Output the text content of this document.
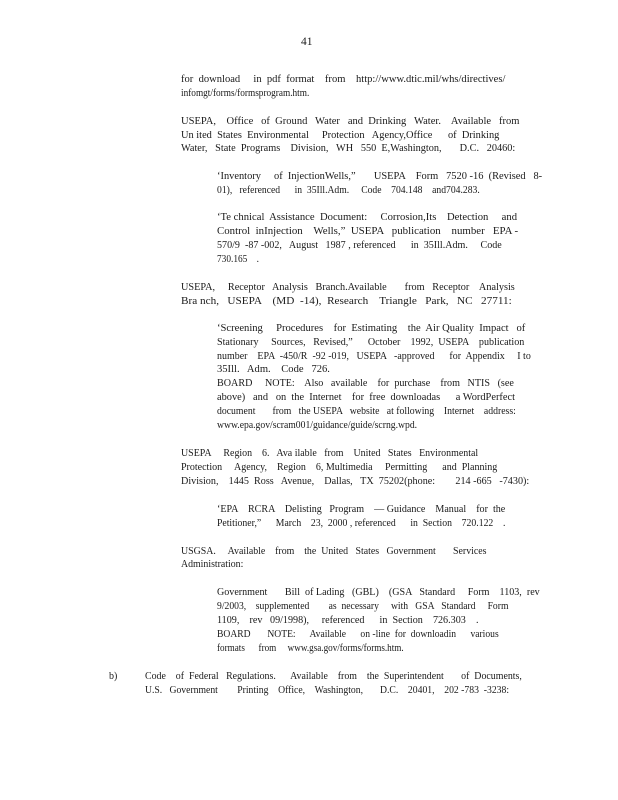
41
for  download     in  pdf  format    from    http://www.dtic.mil/whs/directives/
infomgt/forms/formsprogram.htm.
USEPA,    Office   of  Ground   Water   and  Drinking   Water.    Available   from
Un ited  States  Environmental     Protection   Agency,Office      of  Drinking
Water,   State  Programs    Division,   WH   550  E,Washington,       D.C.   20460:
‘Inventory     of  InjectionWells,”       USEPA    Form   7520 -16  (Revised   8-
01),   referenced      in  35Ill.Adm.     Code    704.148    and704.283.
‘Te chnical  Assistance  Document:     Corrosion,Its    Detection     and
Control  inInjection    Wells,”  USEPA   publication    number   EPA -
570/9  -87 -002,   August   1987 , referenced      in  35Ill.Adm.     Code
730.165    .
USEPA,     Receptor   Analysis   Branch.Available       from   Receptor    Analysis
Bra nch,   USEPA    (MD  -14),  Research    Triangle   Park,   NC   27711:
‘Screening     Procedures    for  Estimating    the  Air Quality  Impact   of
Stationary     Sources,   Revised,”      October    1992,  USEPA    publication
number    EPA  -450/R  -92 -019,   USEPA   -approved      for  Appendix     I to
35Ill.   Adm.    Code   726.
BOARD     NOTE:    Also   available    for  purchase    from   NTIS   (see
above)   and   on  the  Internet    for  free  downloadas      a WordPerfect
document       from   the USEPA   website   at following    Internet    address:
www.epa.gov/scram001/guidance/guide/scrng.wpd.
USEPA     Region    6.   Ava ilable   from    United   States   Environmental
Protection     Agency,    Region    6, Multimedia     Permitting      and  Planning
Division,    1445  Ross   Avenue,    Dallas,   TX  75202(phone:        214 -665   -7430):
‘EPA    RCRA    Delisting   Program    — Guidance    Manual    for  the
Petitioner,”      March    23,  2000 , referenced      in  Section    720.122    .
USGSA.     Available    from    the  United   States   Government       Services
Administration:
Government       Bill  of Lading   (GBL)    (GSA   Standard     Form    1103,  rev
9/2003,    supplemented        as  necessary     with   GSA   Standard     Form
1109,    rev   09/1998),     referenced      in  Section    726.303    .
BOARD       NOTE:      Available      on -line  for  downloadin      various
formats      from     www.gsa.gov/forms/forms.htm.
b)	Code    of  Federal   Regulations.      Available    from    the  Superintendent       of  Documents,
U.S.   Government        Printing    Office,    Washington,       D.C.    20401,    202 -783  -3238:
